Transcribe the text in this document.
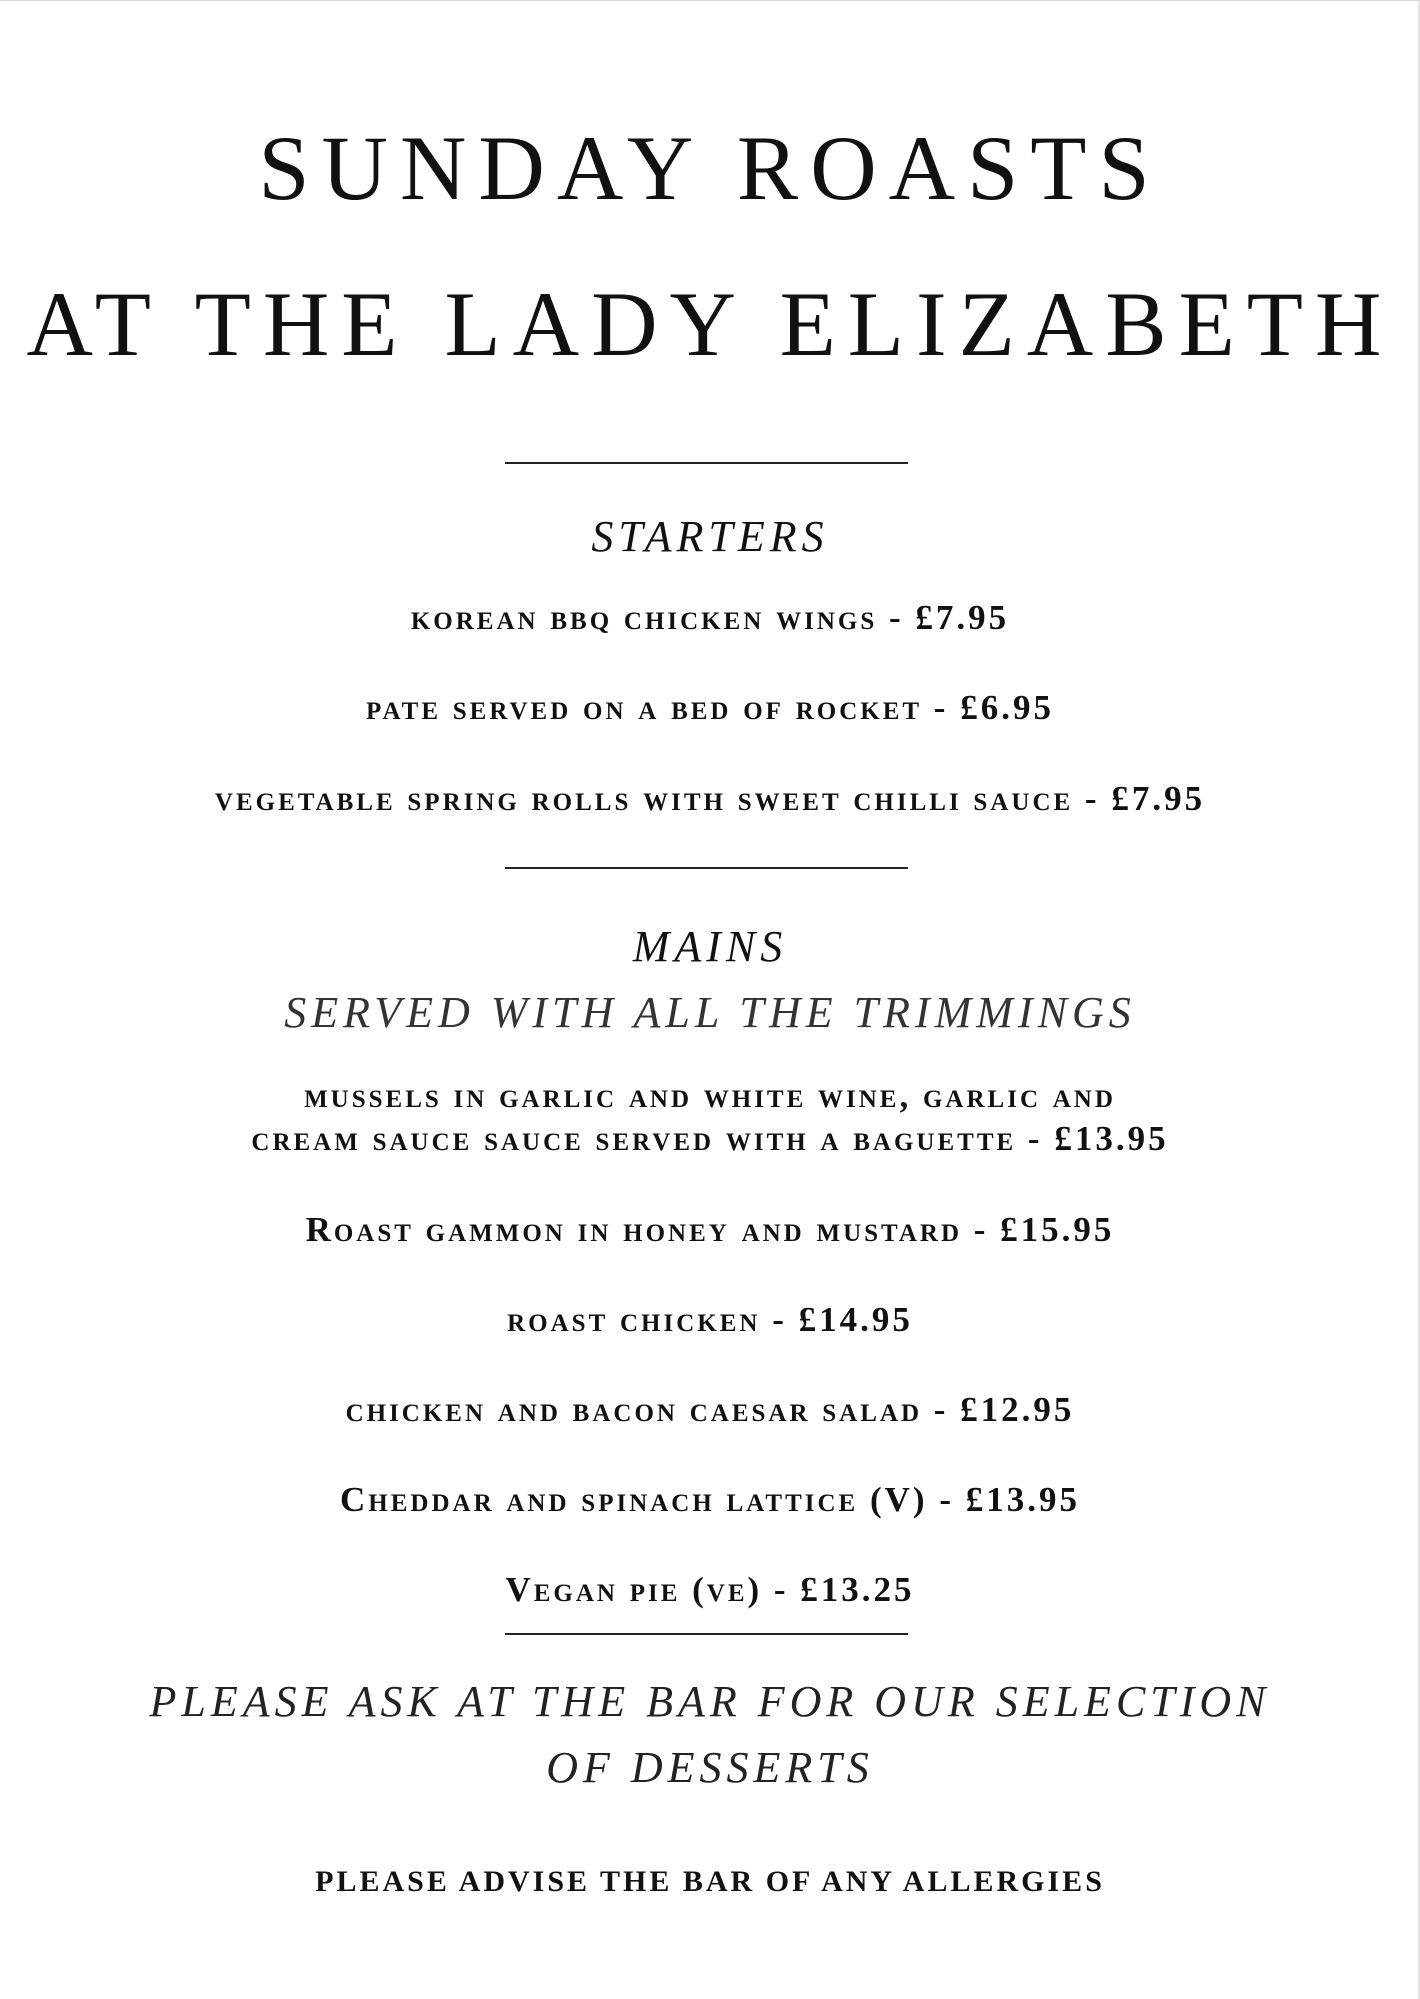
SUNDAY ROASTS
AT THE LADY ELIZABETH
STARTERS
korean bbq chicken wings - £7.95
pate served on a bed of rocket - £6.95
vegetable spring rolls with sweet chilli sauce - £7.95
MAINS
SERVED WITH ALL THE TRIMMINGS
mussels in garlic and white wine, garlic and
cream sauce sauce served with a baguette - £13.95
Roast gammon in honey and mustard - £15.95
roast chicken - £14.95
chicken and bacon caesar salad - £12.95
Cheddar and spinach lattice (V) - £13.95
Vegan pie (ve) - £13.25
PLEASE ASK AT THE BAR FOR OUR SELECTION
OF DESSERTS
PLEASE ADVISE THE BAR OF ANY ALLERGIES
